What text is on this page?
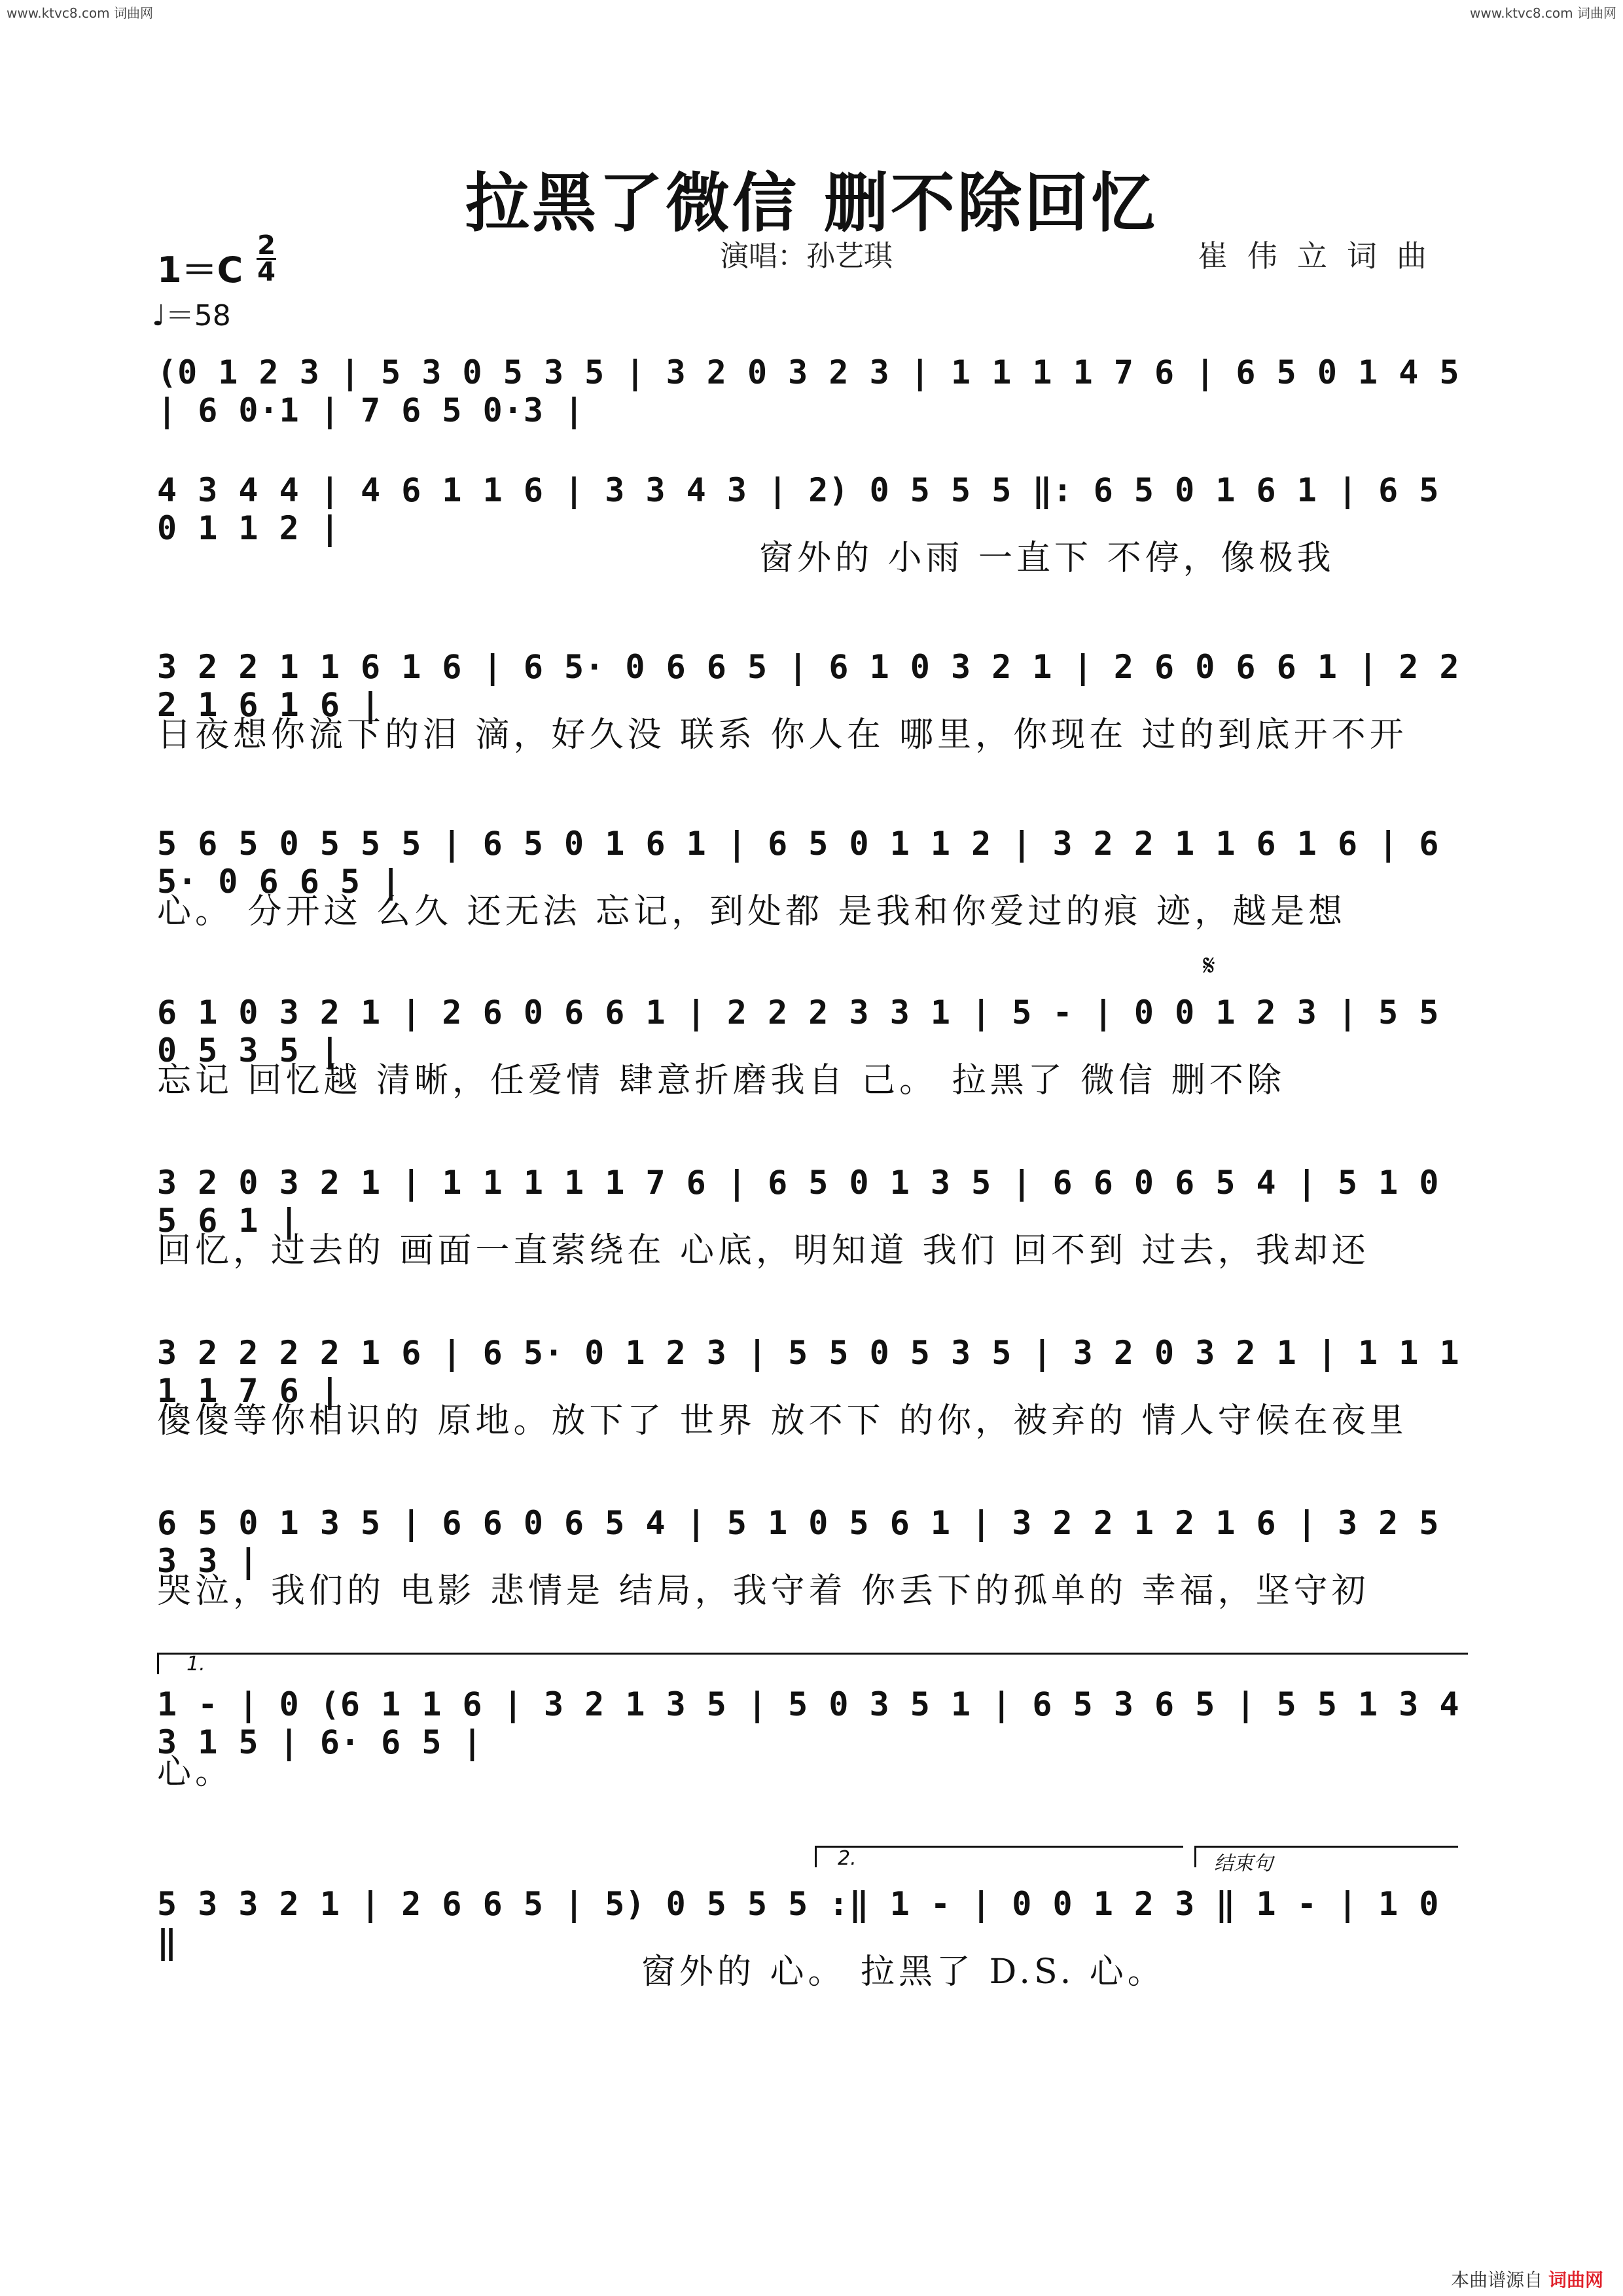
www.ktvc8.com 词曲网	www.ktvc8.com 词曲网
拉黑了微信 删不除回忆
演唱：孙艺琪	崔伟立词曲
1＝C
2
4
♩＝58
𝄋
(0 1 2 3 | 5 3 0 5 3 5 | 3 2 0 3 2 3 | 1 1 1 1 7 6 | 6 5 0 1 4 5 | 6 0·1 | 7 6 5 0·3 |
4 3 4 4 | 4 6 1 1 6 | 3 3 4 3 | 2) 0 5 5 5 ‖: 6 5 0 1 6 1 | 6 5 0 1 1 2 |
窗外的 小雨 一直下 不停，像极我
3 2 2 1 1 6 1 6 | 6 5· 0 6 6 5 | 6 1 0 3 2 1 | 2 6 0 6 6 1 | 2 2 2 1 6 1 6 |
日夜想你流下的泪 滴，好久没 联系 你人在 哪里，你现在 过的到底开不开
5 6 5 0 5 5 5 | 6 5 0 1 6 1 | 6 5 0 1 1 2 | 3 2 2 1 1 6 1 6 | 6 5· 0 6 6 5 |
心。 分开这 么久 还无法 忘记，到处都 是我和你爱过的痕 迹，越是想
6 1 0 3 2 1 | 2 6 0 6 6 1 | 2 2 2 3 3 1 | 5 - | 0 0 1 2 3 | 5 5 0 5 3 5 |
忘记 回忆越 清晰，任爱情 肆意折磨我自 己。 拉黑了 微信 删不除
3 2 0 3 2 1 | 1 1 1 1 1 7 6 | 6 5 0 1 3 5 | 6 6 0 6 5 4 | 5 1 0 5 6 1 |
回忆，过去的 画面一直萦绕在 心底，明知道 我们 回不到 过去，我却还
3 2 2 2 2 1 6 | 6 5· 0 1 2 3 | 5 5 0 5 3 5 | 3 2 0 3 2 1 | 1 1 1 1 1 7 6 |
傻傻等你相识的 原地。放下了 世界 放不下 的你，被弃的 情人守候在夜里
6 5 0 1 3 5 | 6 6 0 6 5 4 | 5 1 0 5 6 1 | 3 2 2 1 2 1 6 | 3 2 5 3 3 |
哭泣，我们的 电影 悲情是 结局，我守着 你丢下的孤单的 幸福，坚守初
1 - | 0 (6 1 1 6 | 3 2 1 3 5 | 5 0 3 5 1 | 6 5 3 6 5 | 5 5 1 3 4 3 1 5 | 6· 6 5 |
心。
5 3 3 2 1 | 2 6 6 5 | 5) 0 5 5 5 :‖ 1 - | 0 0 1 2 3 ‖ 1 - | 1 0 ‖
窗外的 心。 拉黑了 D.S. 心。
1.
2.	结束句
本曲谱源自 词曲网
